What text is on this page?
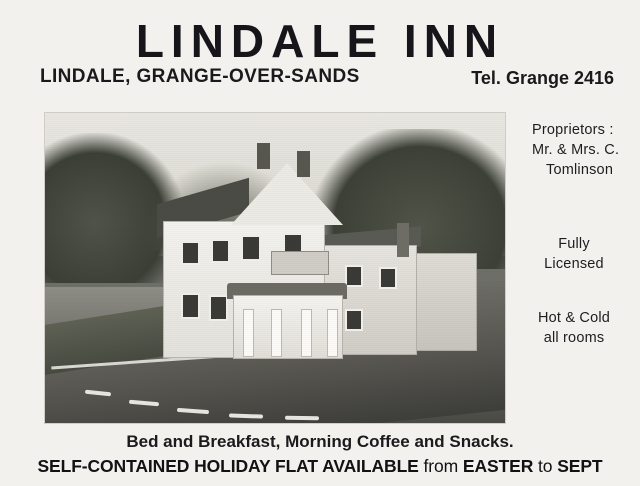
LINDALE INN
LINDALE, GRANGE-OVER-SANDS	Tel. Grange 2416
Proprietors :
Mr. & Mrs. C.
Tomlinson
Fully
Licensed
Hot & Cold
all rooms
Bed and Breakfast, Morning Coffee and Snacks.
SELF-CONTAINED HOLIDAY FLAT AVAILABLE from EASTER to SEPT
